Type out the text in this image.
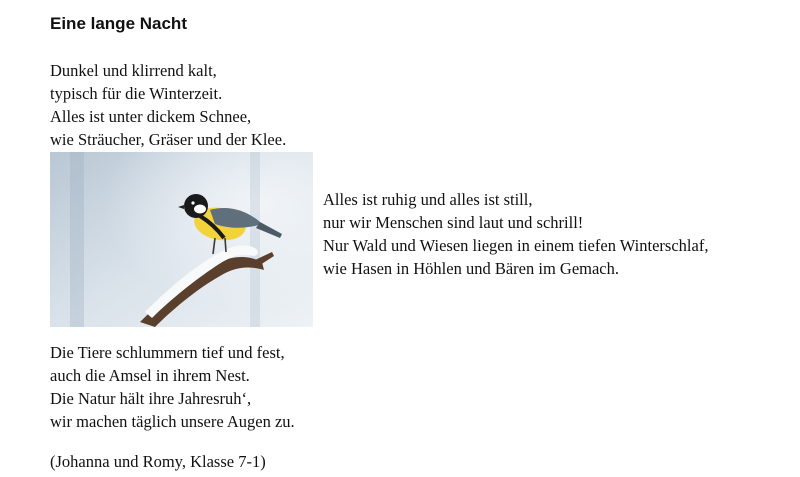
Eine lange Nacht
Dunkel und klirrend kalt,
typisch für die Winterzeit.
Alles ist unter dickem Schnee,
wie Sträucher, Gräser und der Klee.
Alles ist ruhig und alles ist still,
nur wir Menschen sind laut und schrill!
Nur Wald und Wiesen liegen in einem tiefen Winterschlaf,
wie Hasen in Höhlen und Bären im Gemach.
Die Tiere schlummern tief und fest,
auch die Amsel in ihrem Nest.
Die Natur hält ihre Jahresruh‘,
wir machen täglich unsere Augen zu.
(Johanna und Romy, Klasse 7-1)
